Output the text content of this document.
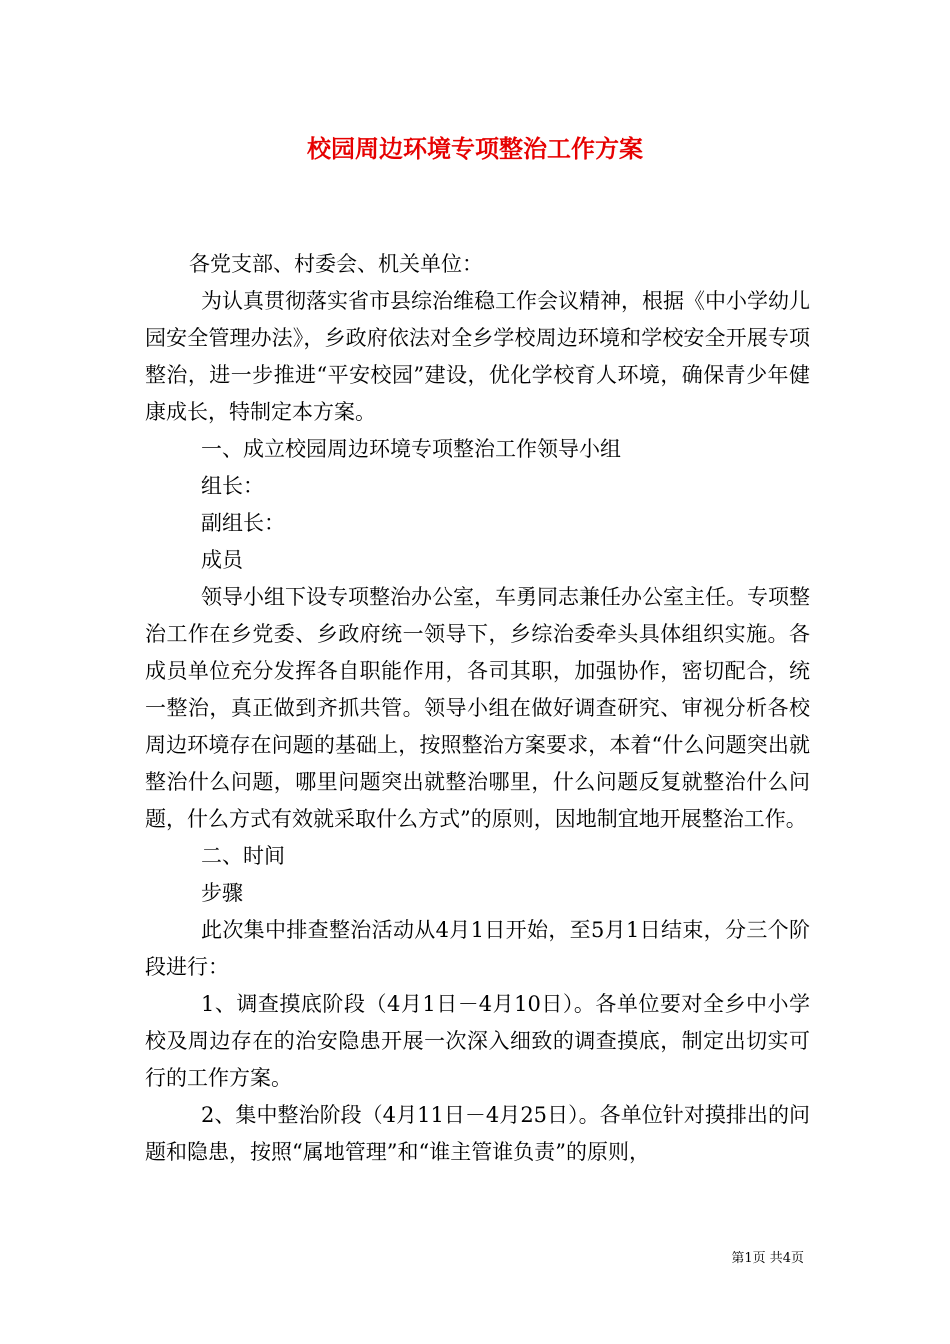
校园周边环境专项整治工作方案

各党支部、村委会、机关单位：

为认真贯彻落实省市县综治维稳工作会议精神，根据《中小学幼儿园安全管理办法》，乡政府依法对全乡学校周边环境和学校安全开展专项整治，进一步推进“平安校园”建设，优化学校育人环境，确保青少年健康成长，特制定本方案。

一、成立校园周边环境专项整治工作领导小组

组长：

副组长：

成员

领导小组下设专项整治办公室，车勇同志兼任办公室主任。专项整治工作在乡党委、乡政府统一领导下，乡综治委牵头具体组织实施。各成员单位充分发挥各自职能作用，各司其职，加强协作，密切配合，统一整治，真正做到齐抓共管。领导小组在做好调查研究、审视分析各校周边环境存在问题的基础上，按照整治方案要求，本着“什么问题突出就整治什么问题，哪里问题突出就整治哪里，什么问题反复就整治什么问题，什么方式有效就采取什么方式”的原则，因地制宜地开展整治工作。

二、时间

步骤

此次集中排查整治活动从4月1日开始，至5月1日结束，分三个阶段进行：

1、调查摸底阶段（4月1日－4月10日）。各单位要对全乡中小学校及周边存在的治安隐患开展一次深入细致的调查摸底，制定出切实可行的工作方案。

2、集中整治阶段（4月11日－4月25日）。各单位针对摸排出的问题和隐患，按照“属地管理”和“谁主管谁负责”的原则，

第1页 共4页
